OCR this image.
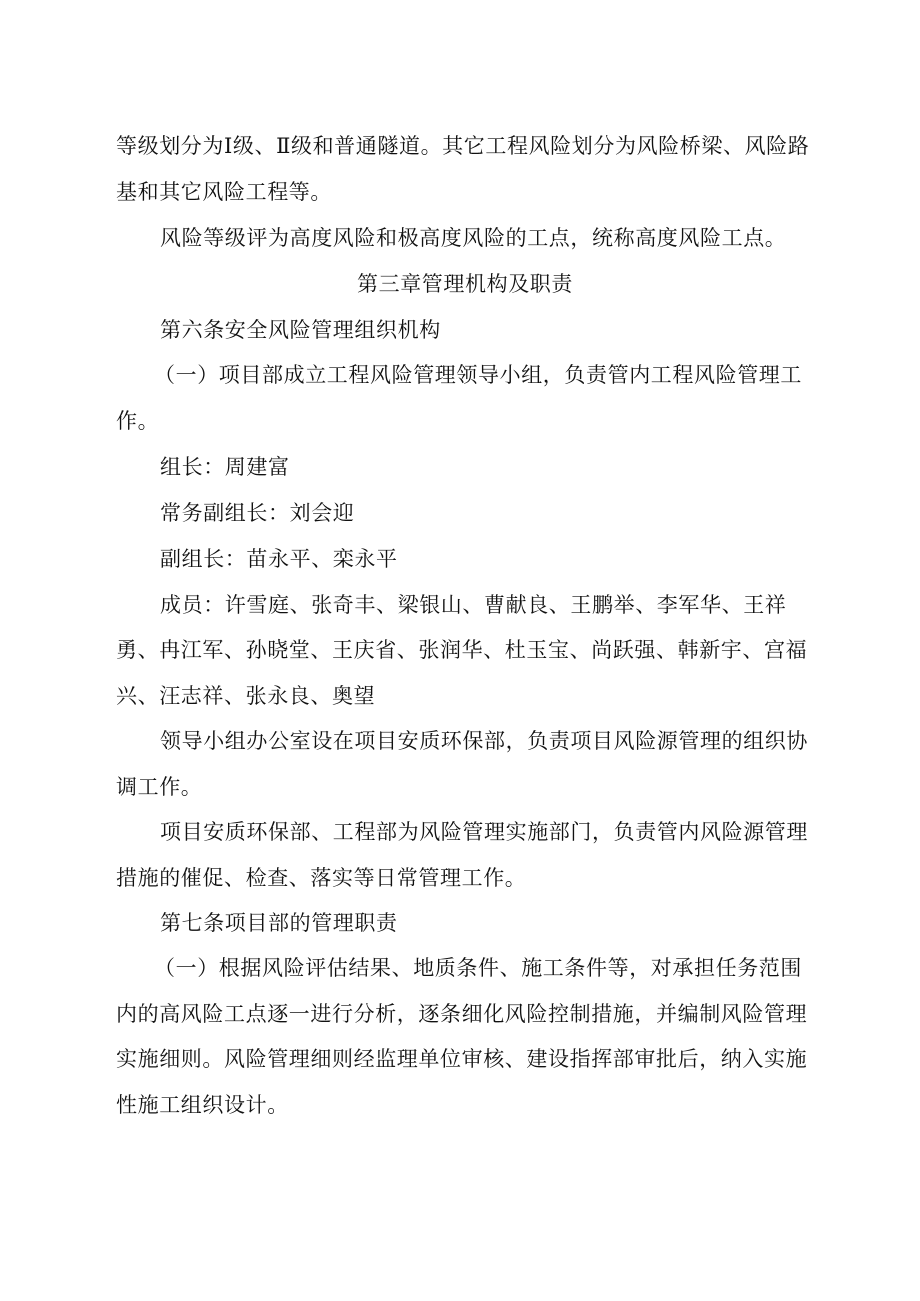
等级划分为Ⅰ级、Ⅱ级和普通隧道。其它工程风险划分为风险桥梁、风险路
基和其它风险工程等。
风险等级评为高度风险和极高度风险的工点，统称高度风险工点。
第三章管理机构及职责
第六条安全风险管理组织机构
（一）项目部成立工程风险管理领导小组，负责管内工程风险管理工
作。
组长：周建富
常务副组长：刘会迎
副组长：苗永平、栾永平
成员：许雪庭、张奇丰、梁银山、曹献良、王鹏举、李军华、王祥
勇、冉江军、孙晓堂、王庆省、张润华、杜玉宝、尚跃强、韩新宇、宫福
兴、汪志祥、张永良、奥望
领导小组办公室设在项目安质环保部，负责项目风险源管理的组织协
调工作。
项目安质环保部、工程部为风险管理实施部门，负责管内风险源管理
措施的催促、检查、落实等日常管理工作。
第七条项目部的管理职责
（一）根据风险评估结果、地质条件、施工条件等，对承担任务范围
内的高风险工点逐一进行分析，逐条细化风险控制措施，并编制风险管理
实施细则。风险管理细则经监理单位审核、建设指挥部审批后，纳入实施
性施工组织设计。
